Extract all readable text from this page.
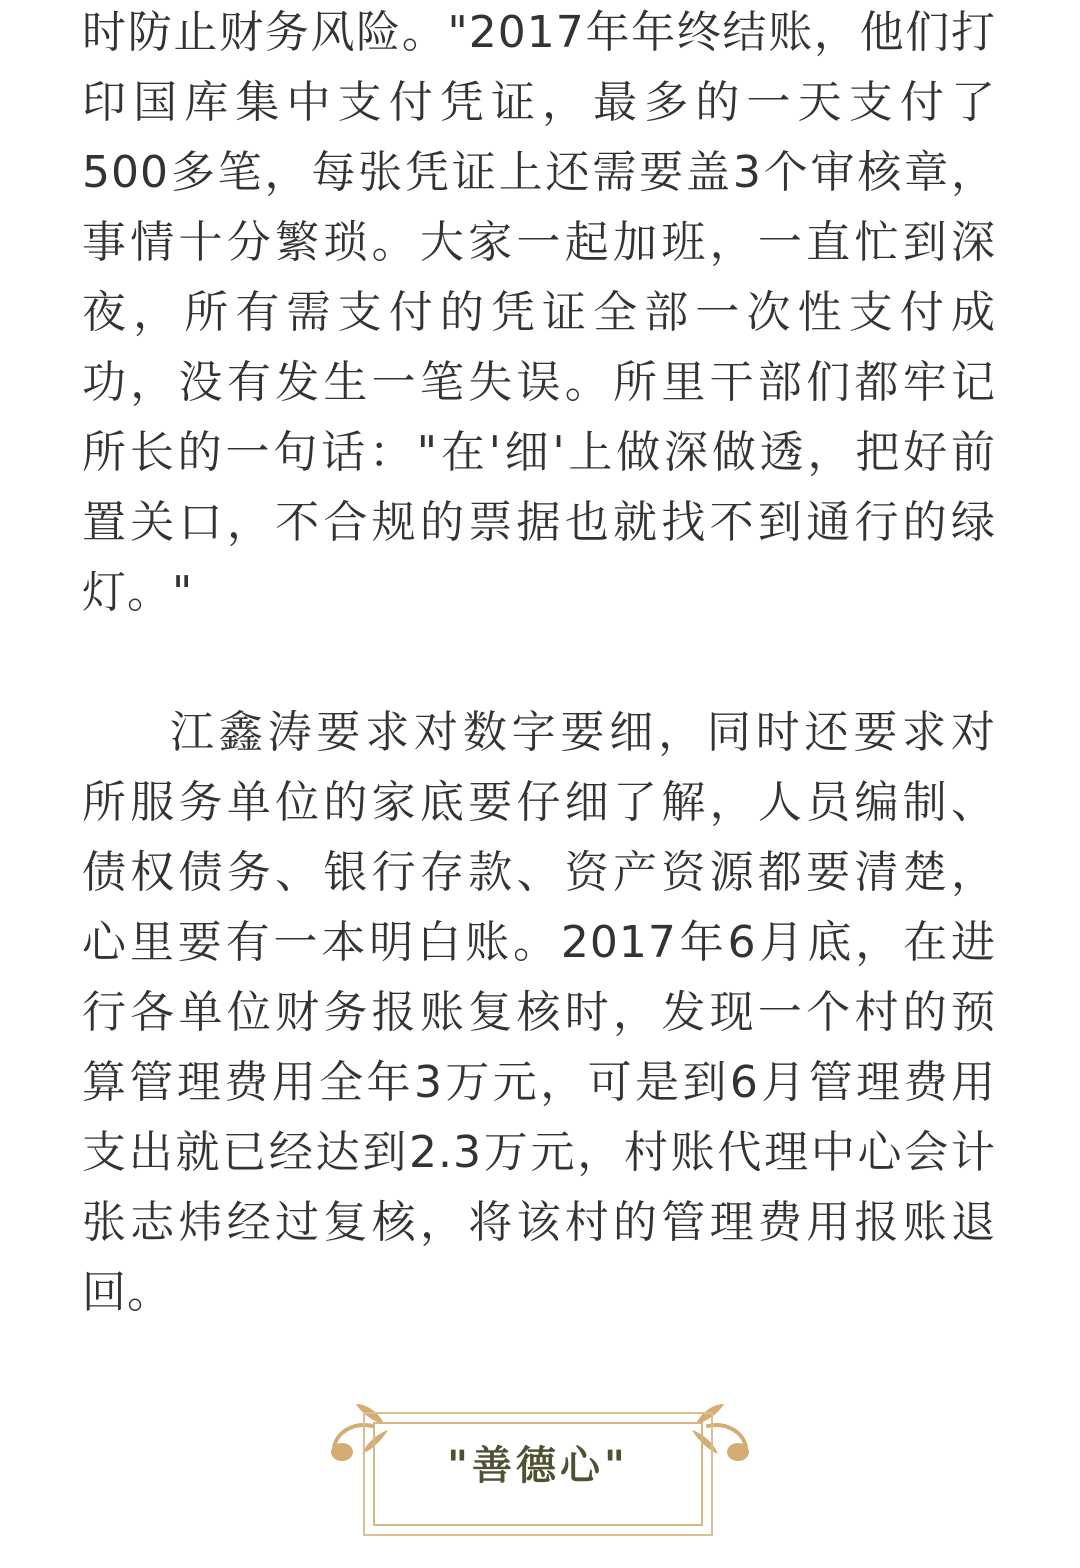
时防止财务风险。"2017年年终结账，他们打
印国库集中支付凭证，最多的一天支付了
500多笔，每张凭证上还需要盖3个审核章，
事情十分繁琐。大家一起加班，一直忙到深
夜，所有需支付的凭证全部一次性支付成
功，没有发生一笔失误。所里干部们都牢记
所长的一句话："在'细'上做深做透，把好前
置关口，不合规的票据也就找不到通行的绿
灯。"
江鑫涛要求对数字要细，同时还要求对
所服务单位的家底要仔细了解，人员编制、
债权债务、银行存款、资产资源都要清楚，
心里要有一本明白账。2017年6月底，在进
行各单位财务报账复核时，发现一个村的预
算管理费用全年3万元，可是到6月管理费用
支出就已经达到2.3万元，村账代理中心会计
张志炜经过复核，将该村的管理费用报账退
回。
"善德心"
